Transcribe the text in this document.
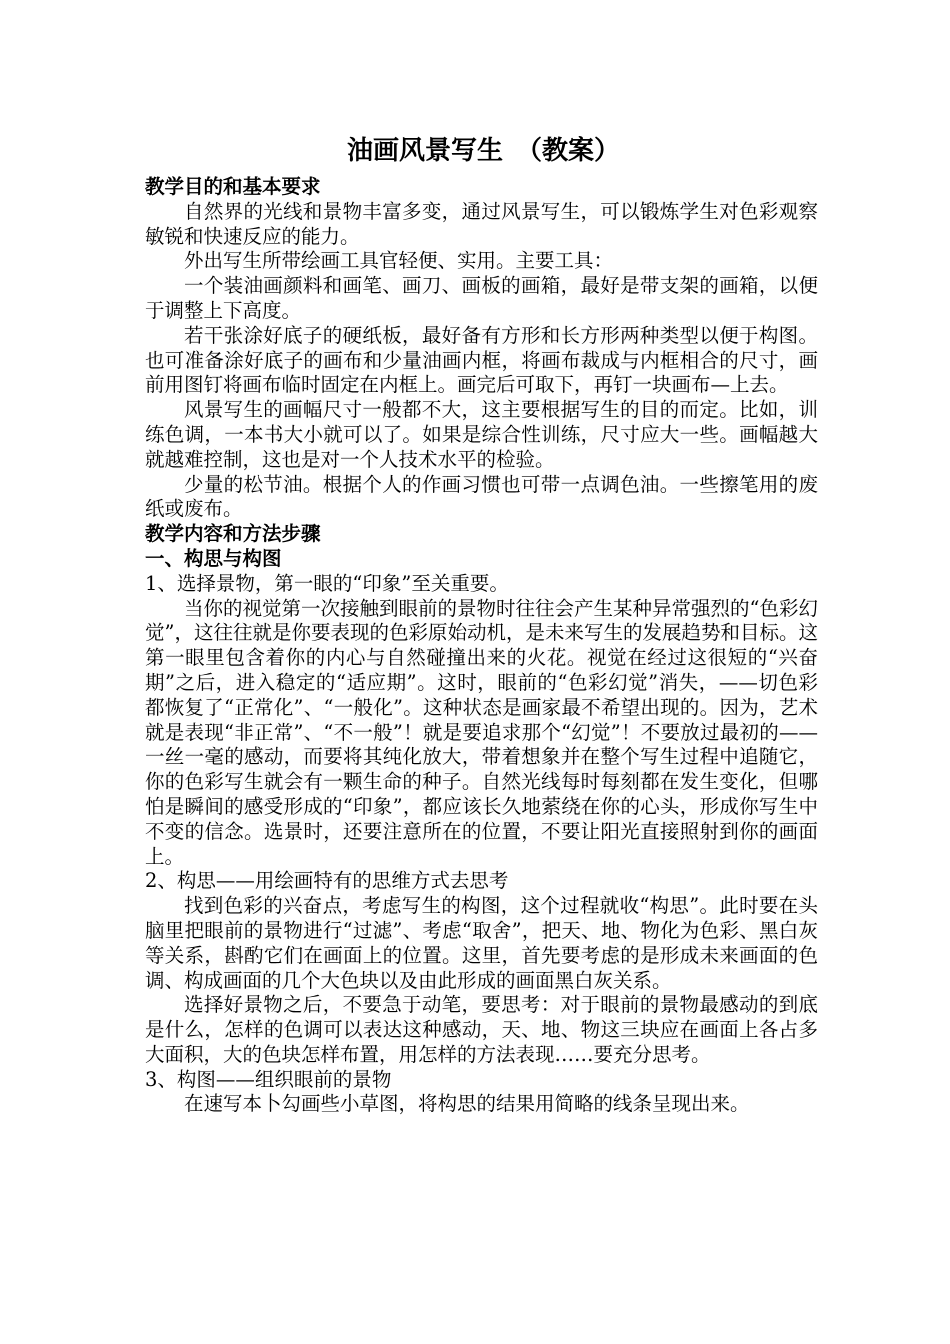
油画风景写生　（教案）
教学目的和基本要求
自然界的光线和景物丰富多变，通过风景写生，可以锻炼学生对色彩观察敏锐和快速反应的能力。
外出写生所带绘画工具官轻便、实用。主要工具：
一个装油画颜料和画笔、画刀、画板的画箱，最好是带支架的画箱，以便于调整上下高度。
若干张涂好底子的硬纸板，最好备有方形和长方形两种类型以便于构图。也可准备涂好底子的画布和少量油画内框，将画布裁成与内框相合的尺寸，画前用图钉将画布临时固定在内框上。画完后可取下，再钉一块画布—上去。
风景写生的画幅尺寸一般都不大，这主要根据写生的目的而定。比如，训练色调，一本书大小就可以了。如果是综合性训练，尺寸应大一些。画幅越大就越难控制，这也是对一个人技术水平的检验。
少量的松节油。根据个人的作画习惯也可带一点调色油。一些擦笔用的废纸或废布。
教学内容和方法步骤
一、构思与构图
1、选择景物，第一眼的“印象”至关重要。
当你的视觉第一次接触到眼前的景物时往往会产生某种异常强烈的“色彩幻觉”，这往往就是你要表现的色彩原始动机，是未来写生的发展趋势和目标。这第一眼里包含着你的内心与自然碰撞出来的火花。视觉在经过这很短的“兴奋期”之后，进入稳定的“适应期”。这时，眼前的“色彩幻觉”消失，——切色彩都恢复了“正常化”、“一般化”。这种状态是画家最不希望出现的。因为，艺术就是表现“非正常”、“不一般”！就是要追求那个“幻觉”！不要放过最初的——一丝一毫的感动，而要将其纯化放大，带着想象并在整个写生过程中追随它，你的色彩写生就会有一颗生命的种子。自然光线每时每刻都在发生变化，但哪怕是瞬间的感受形成的“印象”，都应该长久地萦绕在你的心头，形成你写生中不变的信念。选景时，还要注意所在的位置，不要让阳光直接照射到你的画面上。
2、构思——用绘画特有的思维方式去思考
找到色彩的兴奋点，考虑写生的构图，这个过程就收“构思”。此时要在头脑里把眼前的景物进行“过滤”、考虑“取舍”，把天、地、物化为色彩、黑白灰等关系，斟酌它们在画面上的位置。这里，首先要考虑的是形成未来画面的色调、构成画面的几个大色块以及由此形成的画面黑白灰关系。
选择好景物之后，不要急于动笔，要思考：对于眼前的景物最感动的到底是什么，怎样的色调可以表达这种感动，天、地、物这三块应在画面上各占多大面积，大的色块怎样布置，用怎样的方法表现……要充分思考。
3、构图——组织眼前的景物
在速写本卜勾画些小草图，将构思的结果用简略的线条呈现出来。
